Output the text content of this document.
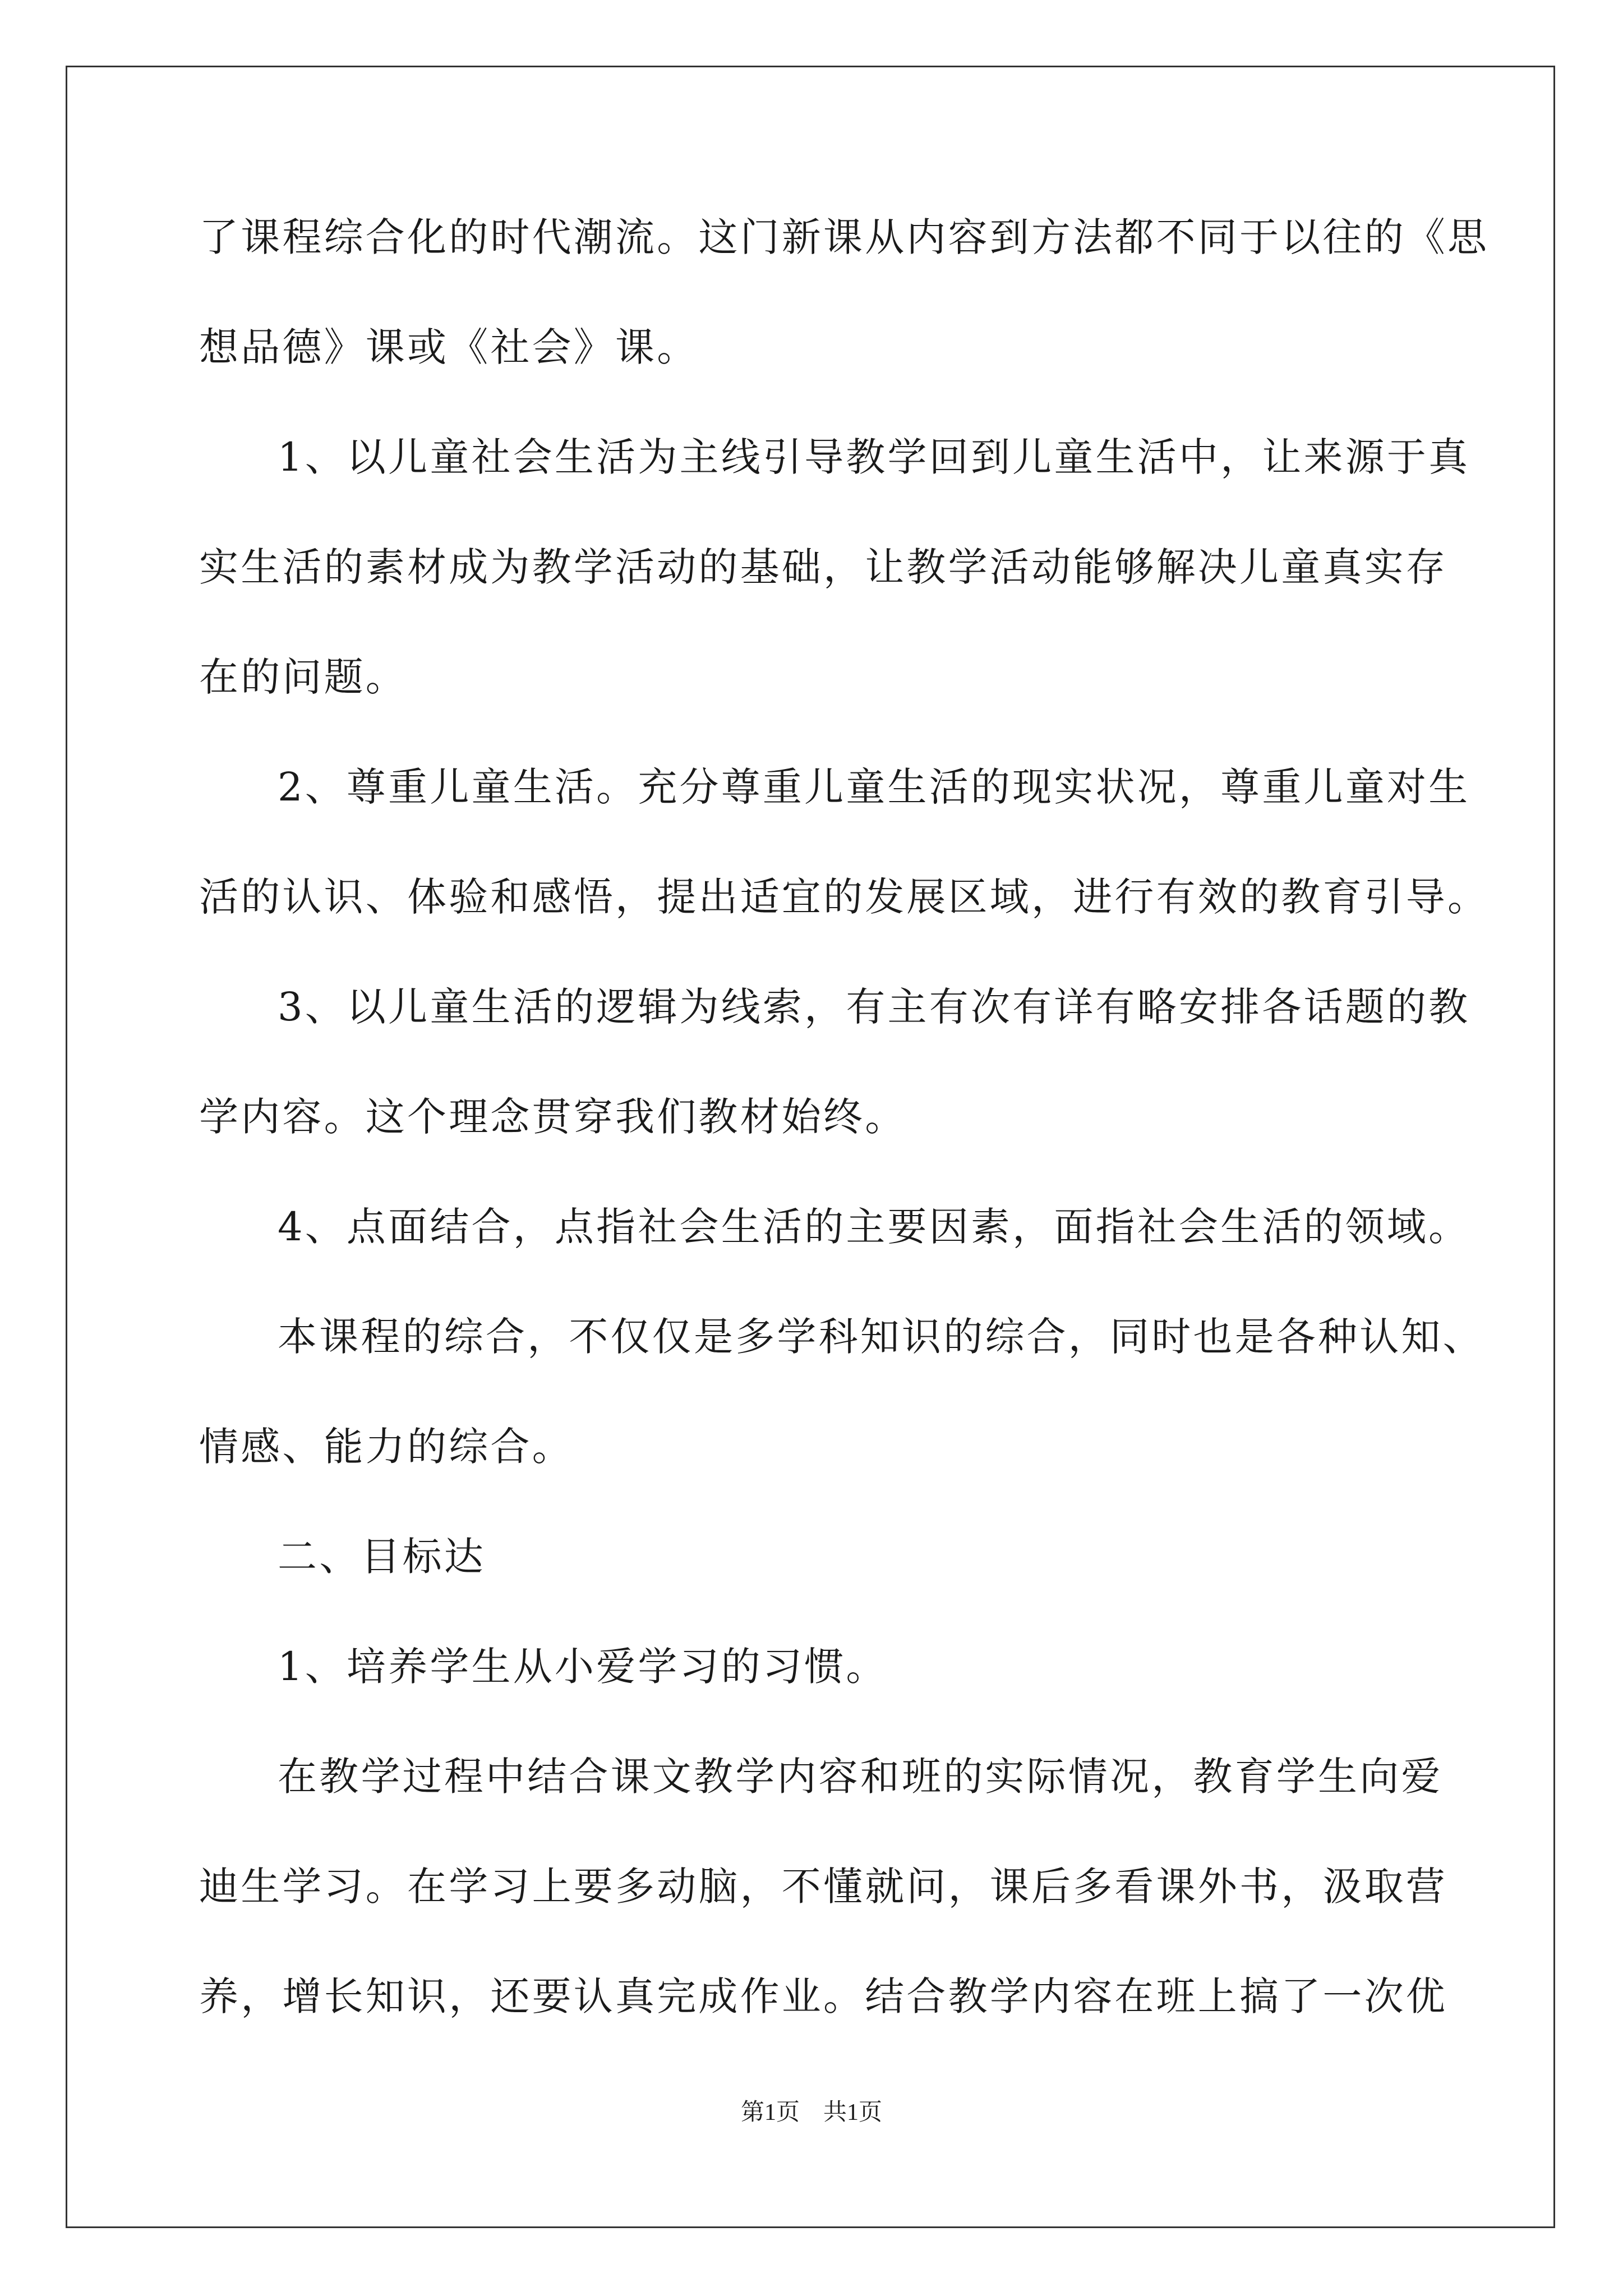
了课程综合化的时代潮流。这门新课从内容到方法都不同于以往的《思
想品德》课或《社会》课。
1、以儿童社会生活为主线引导教学回到儿童生活中，让来源于真
实生活的素材成为教学活动的基础，让教学活动能够解决儿童真实存
在的问题。
2、尊重儿童生活。充分尊重儿童生活的现实状况，尊重儿童对生
活的认识、体验和感悟，提出适宜的发展区域，进行有效的教育引导。
3、以儿童生活的逻辑为线索，有主有次有详有略安排各话题的教
学内容。这个理念贯穿我们教材始终。
4、点面结合，点指社会生活的主要因素，面指社会生活的领域。
本课程的综合，不仅仅是多学科知识的综合，同时也是各种认知、
情感、能力的综合。
二、目标达
1、培养学生从小爱学习的习惯。
在教学过程中结合课文教学内容和班的实际情况，教育学生向爱
迪生学习。在学习上要多动脑，不懂就问，课后多看课外书，汲取营
养，增长知识，还要认真完成作业。结合教学内容在班上搞了一次优
第1页　共1页
